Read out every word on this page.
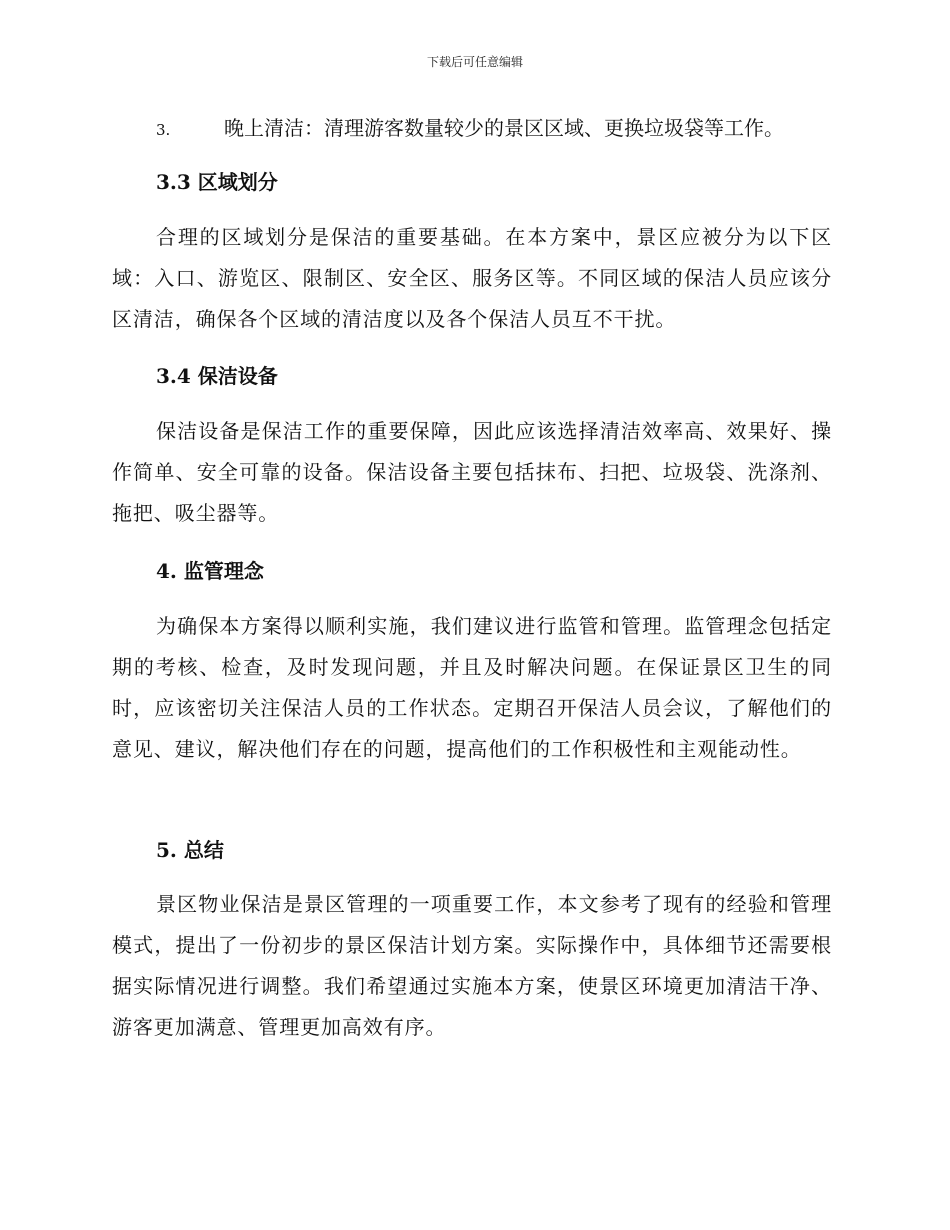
下载后可任意编辑
3.	晚上清洁：清理游客数量较少的景区区域、更换垃圾袋等工作。
3.3 区域划分
合理的区域划分是保洁的重要基础。在本方案中，景区应被分为以下区域：入口、游览区、限制区、安全区、服务区等。不同区域的保洁人员应该分区清洁，确保各个区域的清洁度以及各个保洁人员互不干扰。
3.4 保洁设备
保洁设备是保洁工作的重要保障，因此应该选择清洁效率高、效果好、操作简单、安全可靠的设备。保洁设备主要包括抹布、扫把、垃圾袋、洗涤剂、拖把、吸尘器等。
4. 监管理念
为确保本方案得以顺利实施，我们建议进行监管和管理。监管理念包括定期的考核、检查，及时发现问题，并且及时解决问题。在保证景区卫生的同时，应该密切关注保洁人员的工作状态。定期召开保洁人员会议，了解他们的意见、建议，解决他们存在的问题，提高他们的工作积极性和主观能动性。
5. 总结
景区物业保洁是景区管理的一项重要工作，本文参考了现有的经验和管理模式，提出了一份初步的景区保洁计划方案。实际操作中，具体细节还需要根据实际情况进行调整。我们希望通过实施本方案，使景区环境更加清洁干净、游客更加满意、管理更加高效有序。
